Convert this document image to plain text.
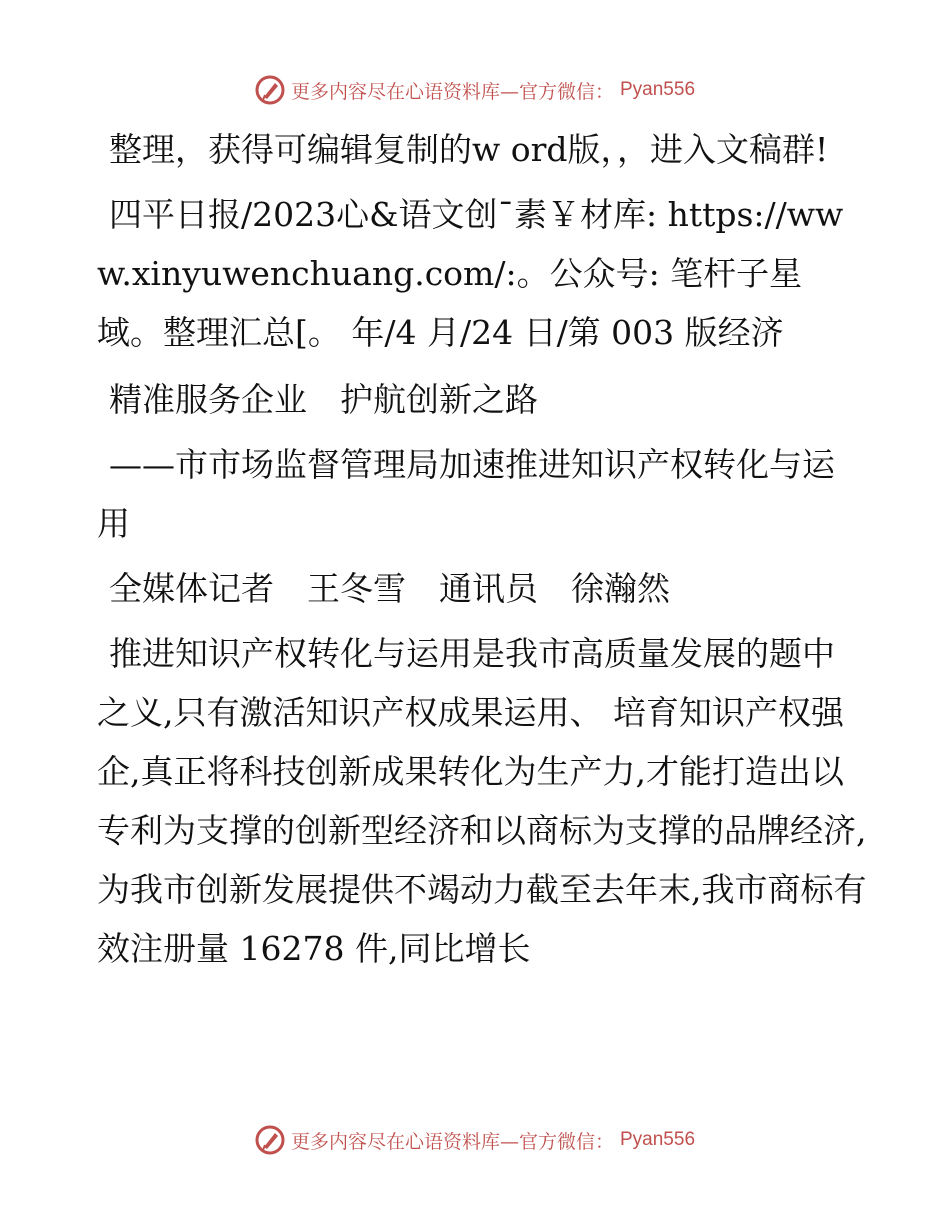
更多内容尽在心语资料库—官方微信： Pyan556

整理，获得可编辑复制的w ord版，，进入文稿群!

四平日报/2023心&语文创¯素￥材库: https://www.xinyuwenchuang.com/:。公众号: 笔杆子星域。整理汇总[。 年/4 月/24 日/第 003 版经济

精准服务企业　护航创新之路

——市市场监督管理局加速推进知识产权转化与运用

全媒体记者　王冬雪　通讯员　徐瀚然

推进知识产权转化与运用是我市高质量发展的题中之义,只有激活知识产权成果运用、 培育知识产权强企,真正将科技创新成果转化为生产力,才能打造出以专利为支撑的创新型经济和以商标为支撑的品牌经济,为我市创新发展提供不竭动力截至去年末,我市商标有效注册量 16278 件,同比增长

更多内容尽在心语资料库—官方微信： Pyan556
